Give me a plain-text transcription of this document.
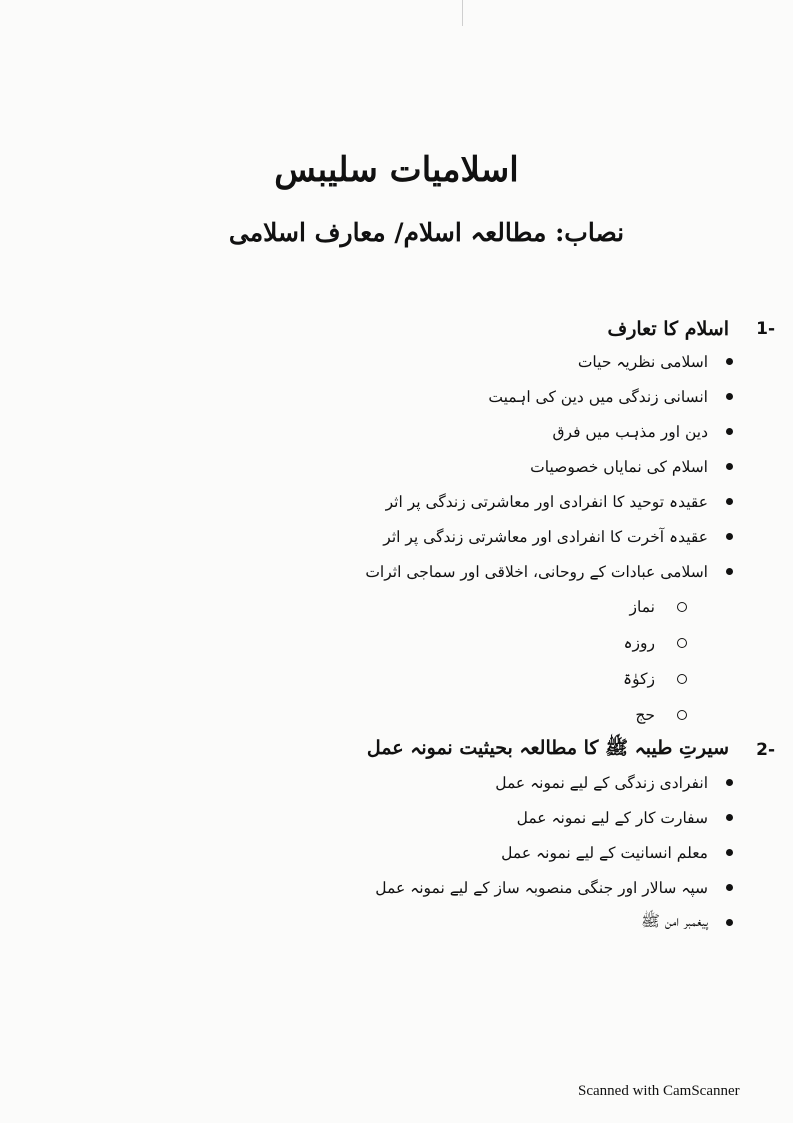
اسلامیات سلیبس
نصاب: مطالعہ اسلام/ معارف اسلامی
1-
اسلام کا تعارف
اسلامی نظریہ حیات
انسانی زندگی میں دین کی اہمیت
دین اور مذہب میں فرق
اسلام کی نمایاں خصوصیات
عقیدہ توحید کا انفرادی اور معاشرتی زندگی پر اثر
عقیدہ آخرت کا انفرادی اور معاشرتی زندگی پر اثر
اسلامی عبادات کے روحانی، اخلاقی اور سماجی اثرات
نماز
روزہ
زکوٰۃ
حج
2-
سیرتِ طیبہ ﷺ کا مطالعہ بحیثیت نمونہ عمل
انفرادی زندگی کے لیے نمونہ عمل
سفارت کار کے لیے نمونہ عمل
معلم انسانیت کے لیے نمونہ عمل
سپہ سالار اور جنگی منصوبہ ساز کے لیے نمونہ عمل
پیغمبر امن ﷺ
Scanned with CamScanner
